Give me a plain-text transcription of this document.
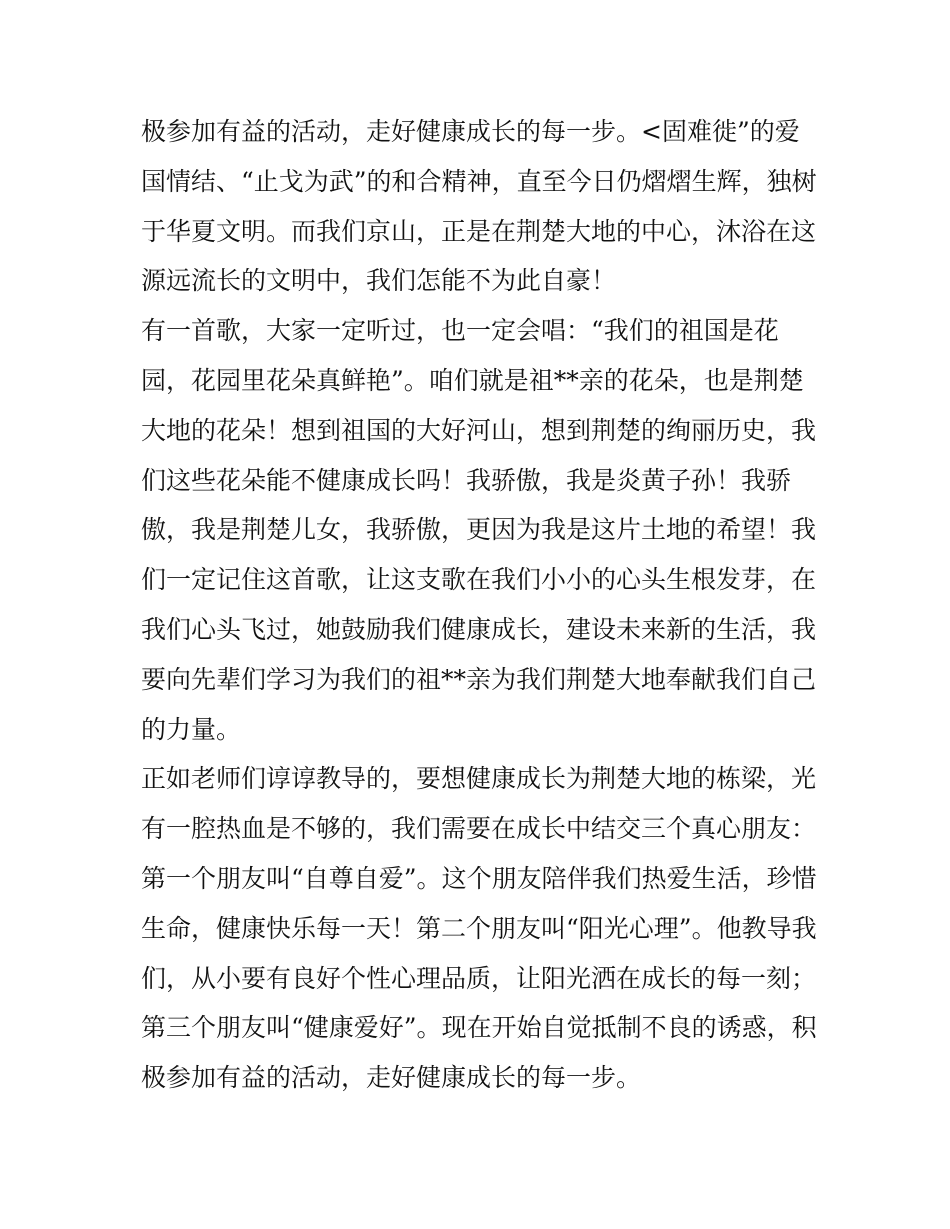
极参加有益的活动，走好健康成长的每一步。<固难徙”的爱
国情结、“止戈为武”的和合精神，直至今日仍熠熠生辉，独树
于华夏文明。而我们京山，正是在荆楚大地的中心，沐浴在这
源远流长的文明中，我们怎能不为此自豪！
有一首歌，大家一定听过，也一定会唱：“我们的祖国是花
园，花园里花朵真鲜艳”。咱们就是祖**亲的花朵，也是荆楚
大地的花朵！想到祖国的大好河山，想到荆楚的绚丽历史，我
们这些花朵能不健康成长吗！我骄傲，我是炎黄子孙！我骄
傲，我是荆楚儿女，我骄傲，更因为我是这片土地的希望！我
们一定记住这首歌，让这支歌在我们小小的心头生根发芽，在
我们心头飞过，她鼓励我们健康成长，建设未来新的生活，我
要向先辈们学习为我们的祖**亲为我们荆楚大地奉献我们自己
的力量。
正如老师们谆谆教导的，要想健康成长为荆楚大地的栋梁，光
有一腔热血是不够的，我们需要在成长中结交三个真心朋友：
第一个朋友叫“自尊自爱”。这个朋友陪伴我们热爱生活，珍惜
生命，健康快乐每一天！第二个朋友叫“阳光心理”。他教导我
们，从小要有良好个性心理品质，让阳光洒在成长的每一刻；
第三个朋友叫“健康爱好”。现在开始自觉抵制不良的诱惑，积
极参加有益的活动，走好健康成长的每一步。
